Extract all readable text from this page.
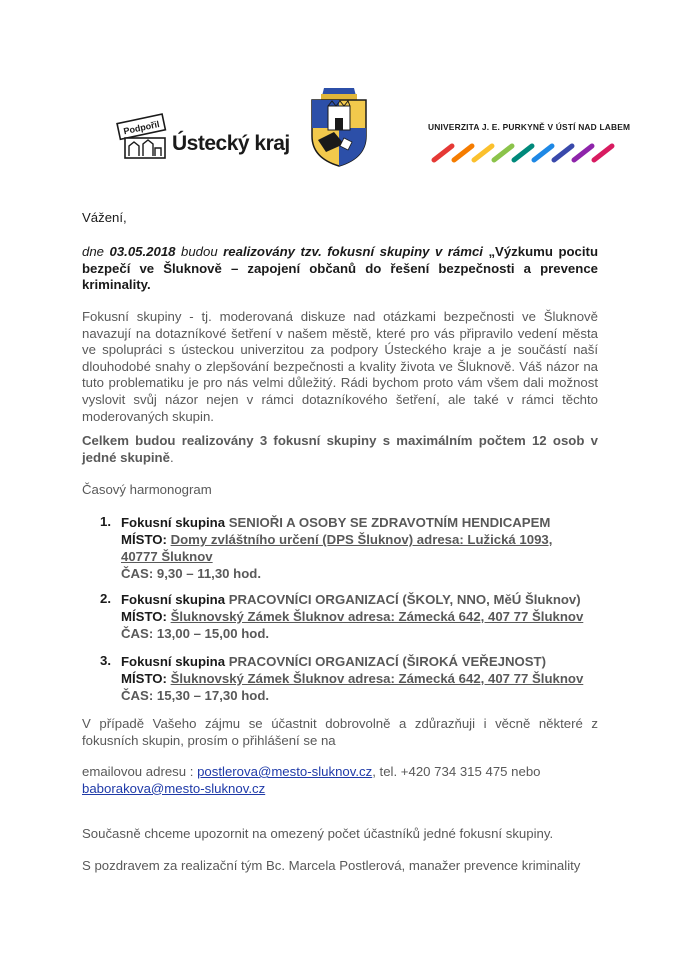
Podpořil
Ústecký kraj
UNIVERZITA J. E. PURKYNĚ V ÚSTÍ NAD LABEM
Vážení,
dne 03.05.2018 budou realizovány tzv. fokusní skupiny v rámci „Výzkumu pocitu bezpečí ve Šluknově – zapojení občanů do řešení bezpečnosti a prevence kriminality.
Fokusní skupiny - tj. moderovaná diskuze nad otázkami bezpečnosti ve Šluknově navazují na dotazníkové šetření v našem městě, které pro vás připravilo vedení města ve spolupráci s ústeckou univerzitou za podpory Ústeckého kraje a je součástí naší dlouhodobé snahy o zlepšování bezpečnosti a kvality života ve Šluknově. Váš názor na tuto problematiku je pro nás velmi důležitý. Rádi bychom proto vám všem dali možnost vyslovit svůj názor nejen v rámci dotazníkového šetření, ale také v rámci těchto moderovaných skupin.
Celkem budou realizovány 3 fokusní skupiny s maximálním počtem 12 osob v jedné skupině.
Časový harmonogram
1. Fokusní skupina SENIOŘI A OSOBY SE ZDRAVOTNÍM HENDICAPEM
MÍSTO: Domy zvláštního určení (DPS Šluknov) adresa: Lužická 1093,
40777 Šluknov
ČAS: 9,30 – 11,30 hod.
2. Fokusní skupina PRACOVNÍCI ORGANIZACÍ (ŠKOLY, NNO, MěÚ Šluknov)
MÍSTO: Šluknovský Zámek Šluknov adresa: Zámecká 642, 407 77 Šluknov
ČAS: 13,00 – 15,00 hod.
3. Fokusní skupina PRACOVNÍCI ORGANIZACÍ (ŠIROKÁ VEŘEJNOST)
MÍSTO: Šluknovský Zámek Šluknov adresa: Zámecká 642, 407 77 Šluknov
ČAS: 15,30 – 17,30 hod.
V případě Vašeho zájmu se účastnit dobrovolně a zdůrazňuji i věcně některé z fokusních skupin, prosím o přihlášení se na
emailovou adresu : postlerova@mesto-sluknov.cz, tel. +420 734 315 475 nebo
baborakova@mesto-sluknov.cz
Současně chceme upozornit na omezený počet účastníků jedné fokusní skupiny.
S pozdravem za realizační tým Bc. Marcela Postlerová, manažer prevence kriminality
